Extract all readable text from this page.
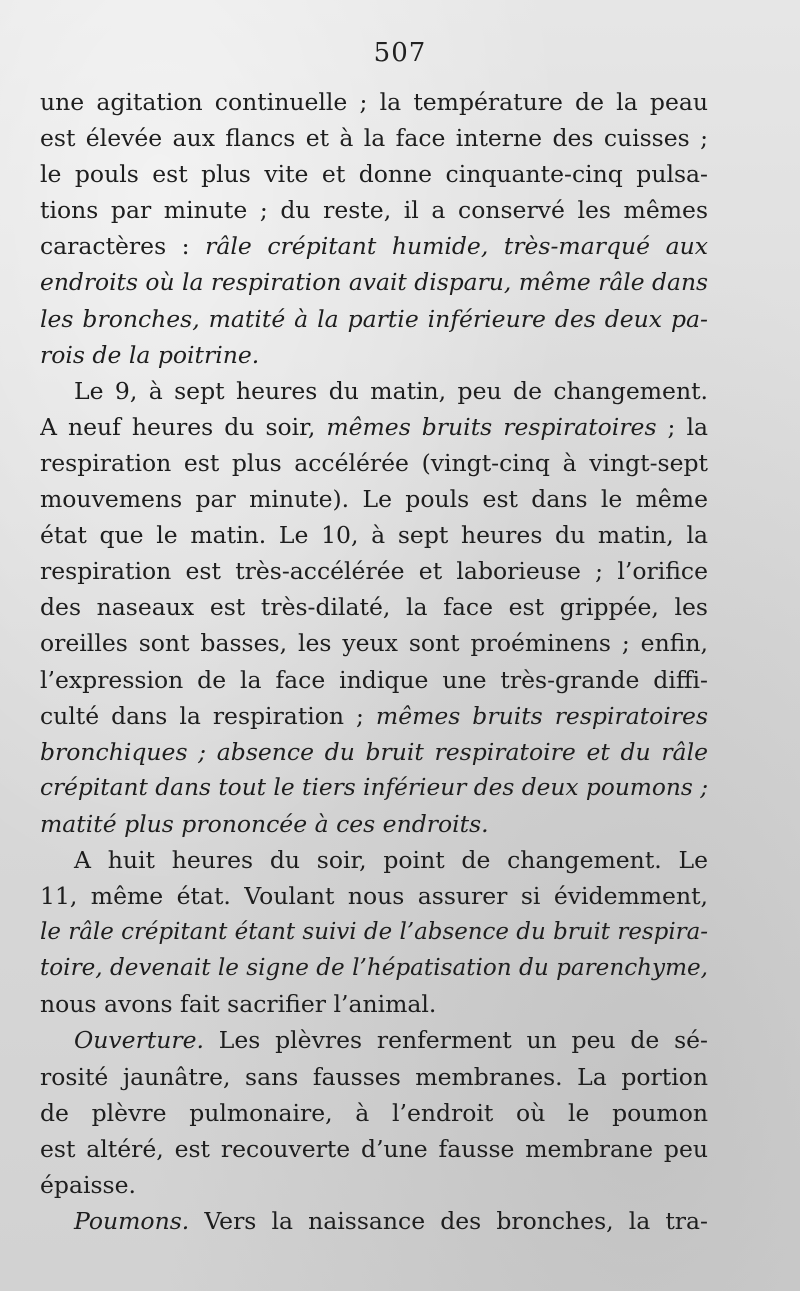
507
une agitation continuelle ; la température de la peau
est élevée aux flancs et à la face interne des cuisses ;
le pouls est plus vite et donne cinquante-cinq pulsa-
tions par minute ; du reste, il a conservé les mêmes
caractères : râle crépitant humide, très-marqué aux
endroits où la respiration avait disparu, même râle dans
les bronches, matité à la partie inférieure des deux pa-
rois de la poitrine.
Le 9, à sept heures du matin, peu de changement.
A neuf heures du soir, mêmes bruits respiratoires ; la
respiration est plus accélérée (vingt-cinq à vingt-sept
mouvemens par minute). Le pouls est dans le même
état que le matin. Le 10, à sept heures du matin, la
respiration est très-accélérée et laborieuse ; l’orifice
des naseaux est très-dilaté, la face est grippée, les
oreilles sont basses, les yeux sont proéminens ; enfin,
l’expression de la face indique une très-grande diffi-
culté dans la respiration ; mêmes bruits respiratoires
bronchiques ; absence du bruit respiratoire et du râle
crépitant dans tout le tiers inférieur des deux poumons ;
matité plus prononcée à ces endroits.
A huit heures du soir, point de changement. Le
11, même état. Voulant nous assurer si évidemment,
le râle crépitant étant suivi de l’absence du bruit respira-
toire, devenait le signe de l’hépatisation du parenchyme,
nous avons fait sacrifier l’animal.
Ouverture. Les plèvres renferment un peu de sé-
rosité jaunâtre, sans fausses membranes. La portion
de plèvre pulmonaire, à l’endroit où le poumon
est altéré, est recouverte d’une fausse membrane peu
épaisse.
Poumons. Vers la naissance des bronches, la tra-
